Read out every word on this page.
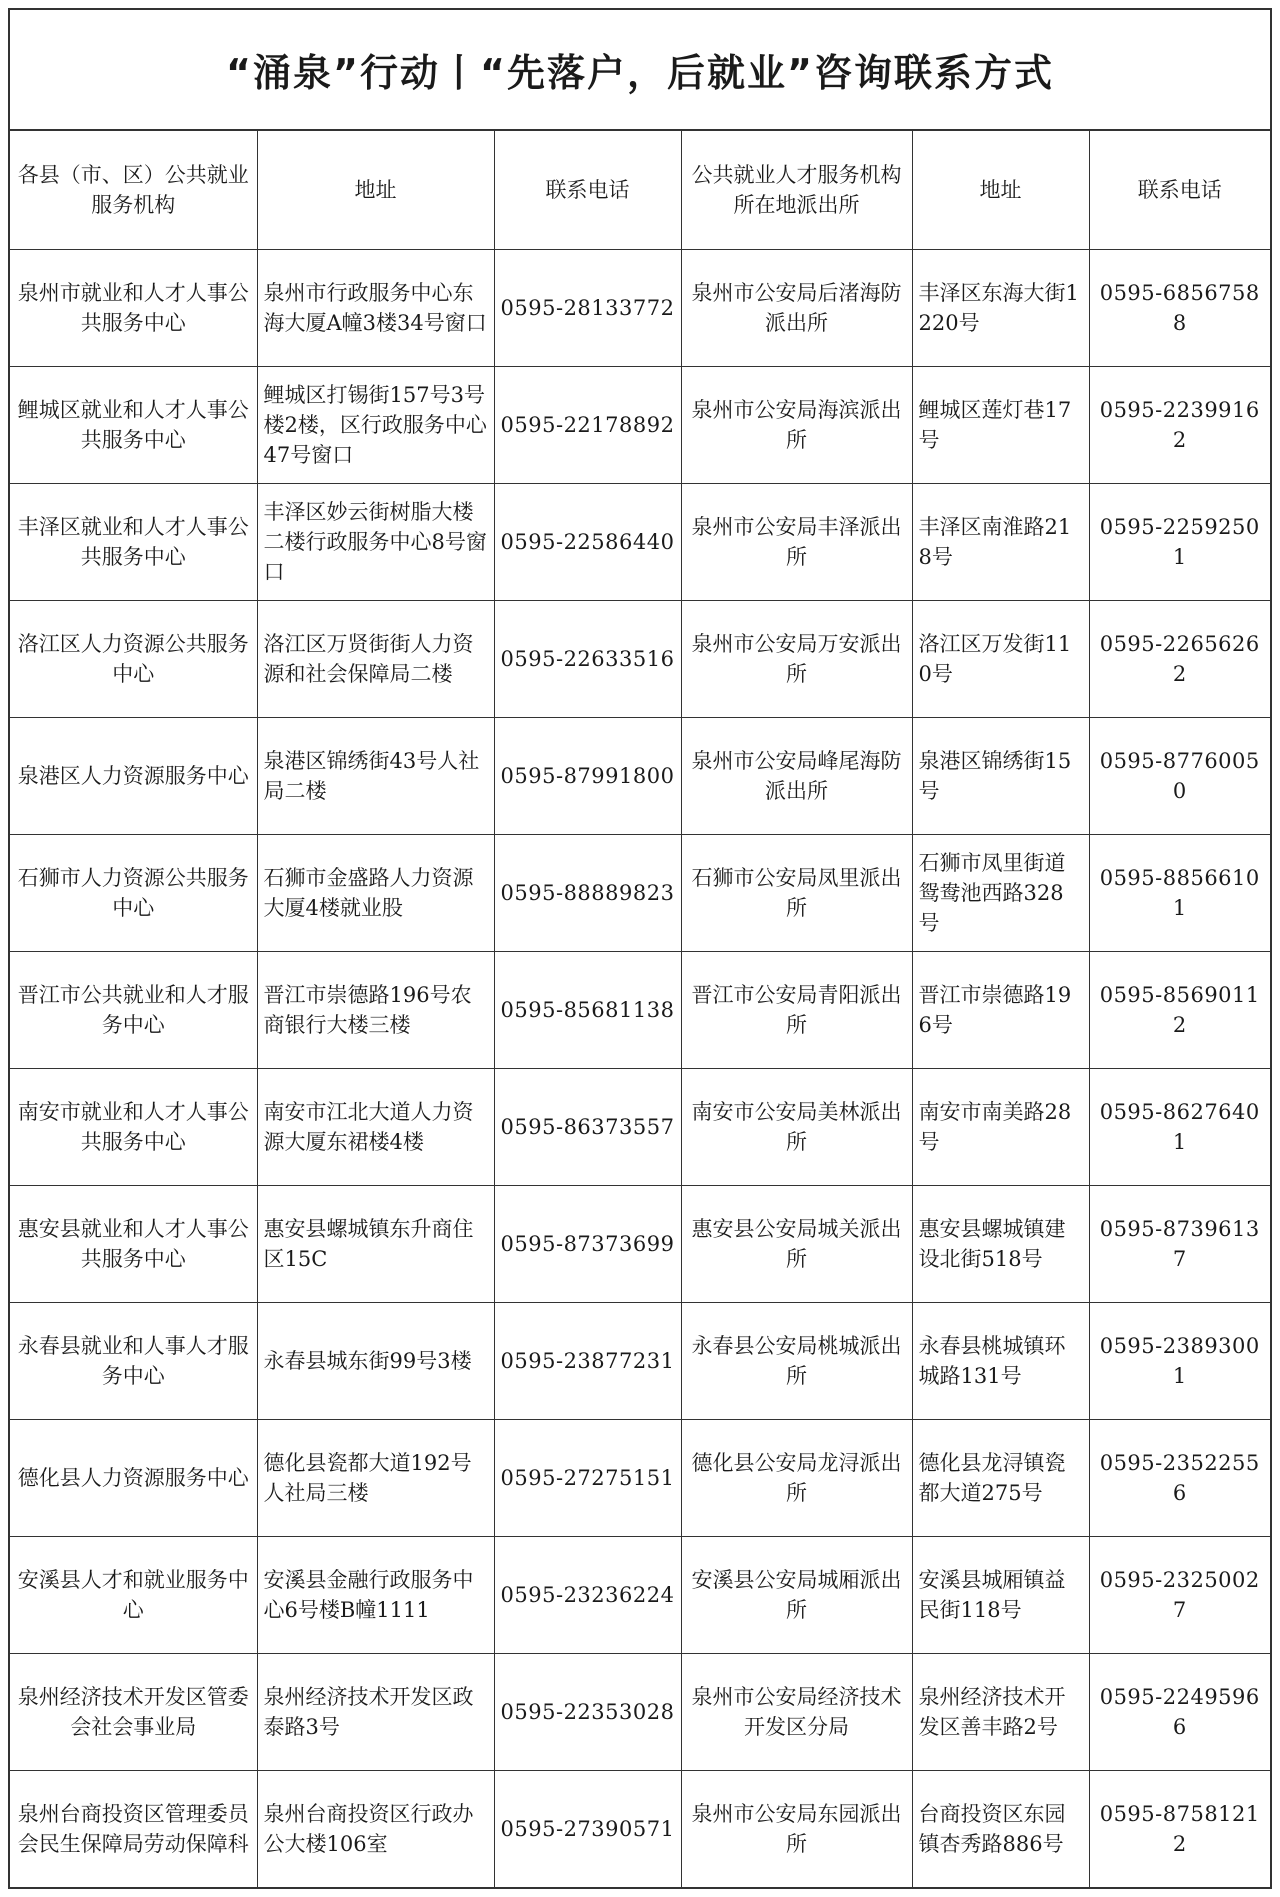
“涌泉”行动丨“先落户，后就业”咨询联系方式
各县（市、区）公共就业服务机构	地址	联系电话	公共就业人才服务机构所在地派出所	地址	联系电话
泉州市就业和人才人事公共服务中心	泉州市行政服务中心东海大厦A幢3楼34号窗口	0595-28133772	泉州市公安局后渚海防派出所	丰泽区东海大街1220号	0595-68567588
鲤城区就业和人才人事公共服务中心	鲤城区打锡街157号3号楼2楼，区行政服务中心47号窗口	0595-22178892	泉州市公安局海滨派出所	鲤城区莲灯巷17号	0595-22399162
丰泽区就业和人才人事公共服务中心	丰泽区妙云街树脂大楼二楼行政服务中心8号窗口	0595-22586440	泉州市公安局丰泽派出所	丰泽区南淮路218号	0595-22592501
洛江区人力资源公共服务中心	洛江区万贤街街人力资源和社会保障局二楼	0595-22633516	泉州市公安局万安派出所	洛江区万发街110号	0595-22656262
泉港区人力资源服务中心	泉港区锦绣街43号人社局二楼	0595-87991800	泉州市公安局峰尾海防派出所	泉港区锦绣街15号	0595-87760050
石狮市人力资源公共服务中心	石狮市金盛路人力资源大厦4楼就业股	0595-88889823	石狮市公安局凤里派出所	石狮市凤里街道鸳鸯池西路328号	0595-88566101
晋江市公共就业和人才服务中心	晋江市崇德路196号农商银行大楼三楼	0595-85681138	晋江市公安局青阳派出所	晋江市崇德路196号	0595-85690112
南安市就业和人才人事公共服务中心	南安市江北大道人力资源大厦东裙楼4楼	0595-86373557	南安市公安局美林派出所	南安市南美路28号	0595-86276401
惠安县就业和人才人事公共服务中心	惠安县螺城镇东升商住区15C	0595-87373699	惠安县公安局城关派出所	惠安县螺城镇建设北街518号	0595-87396137
永春县就业和人事人才服务中心	永春县城东街99号3楼	0595-23877231	永春县公安局桃城派出所	永春县桃城镇环城路131号	0595-23893001
德化县人力资源服务中心	德化县瓷都大道192号人社局三楼	0595-27275151	德化县公安局龙浔派出所	德化县龙浔镇瓷都大道275号	0595-23522556
安溪县人才和就业服务中心	安溪县金融行政服务中心6号楼B幢1111	0595-23236224	安溪县公安局城厢派出所	安溪县城厢镇益民街118号	0595-23250027
泉州经济技术开发区管委会社会事业局	泉州经济技术开发区政泰路3号	0595-22353028	泉州市公安局经济技术开发区分局	泉州经济技术开发区善丰路2号	0595-22495966
泉州台商投资区管理委员会民生保障局劳动保障科	泉州台商投资区行政办公大楼106室	0595-27390571	泉州市公安局东园派出所	台商投资区东园镇杏秀路886号	0595-87581212
